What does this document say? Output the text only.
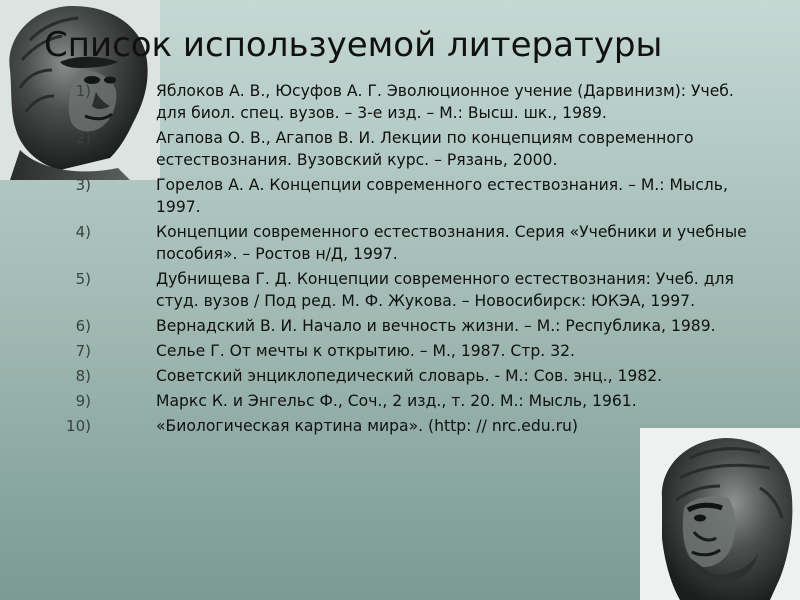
Список используемой литературы
1)	Яблоков А. В., Юсуфов А. Г. Эволюционное учение (Дарвинизм): Учеб. для биол. спец. вузов. – 3-е изд. – М.: Высш. шк., 1989.
2)	Агапова О. В., Агапов В. И. Лекции по концепциям современного естествознания. Вузовский курс. – Рязань, 2000.
3)	Горелов А. А. Концепции современного естествознания. – М.: Мысль, 1997.
4)	Концепции современного естествознания. Серия «Учебники и учебные пособия». – Ростов н/Д, 1997.
5)	Дубнищева Г. Д. Концепции современного естествознания: Учеб. для студ. вузов / Под ред. М. Ф. Жукова. – Новосибирск: ЮКЭА, 1997.
6)	Вернадский В. И. Начало и вечность жизни. – М.: Республика, 1989.
7)	Селье Г. От мечты к открытию. – М., 1987. Стр. 32.
8)	Советский энциклопедический словарь. - М.: Сов. энц., 1982.
9)	Маркс К. и Энгельс Ф., Соч., 2 изд., т. 20. М.: Мысль, 1961.
10)	«Биологическая картина мира». (http: // nrc.edu.ru)
